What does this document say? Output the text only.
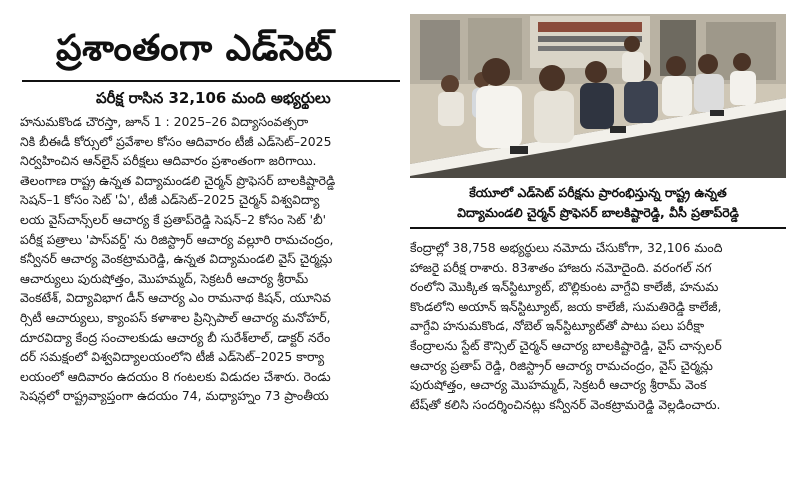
ప్రశాంతంగా ఎడ్‌సెట్
పరీక్ష రాసిన 32,106 మంది అభ్యర్థులు
హనుమకొండ చౌరస్తా, జూన్ 1 : 2025–26 విద్యాసంవత్సరా
నికి బీఈడీ కోర్సులో ప్రవేశాల కోసం ఆదివారం టీజీ ఎడ్‌సెట్–2025
నిర్వహించిన ఆన్‌లైన్ పరీక్షలు ఆదివారం ప్రశాంతంగా జరిగాయి.
తెలంగాణ రాష్ట్ర ఉన్నత విద్యామండలి చైర్మన్ ప్రొఫెసర్ బాలకిష్టారెడ్డి
సెషన్–1 కోసం సెట్ 'ఏ', టీజీ ఎడ్‌సెట్–2025 చైర్మన్ విశ్వవిద్యా
లయ వైస్‌చాన్స్‌లర్ ఆచార్య కే ప్రతాప్‌రెడ్డి సెషన్–2 కోసం సెట్ 'బీ'
పరీక్ష పత్రాలు 'పాస్‌వర్డ్' ను రిజిస్ట్రార్ ఆచార్య వల్లూరి రామచంద్రం,
కన్వీనర్ ఆచార్య వెంకట్రామరెడ్డి, ఉన్నత విద్యామండలి వైస్ చైర్మన్లు
ఆచార్యులు పురుషోత్తం, మొహమ్మద్, సెక్రటరీ ఆచార్య శ్రీరామ్
వెంకటేశ్, విద్యావిభాగ డీన్ ఆచార్య ఎం రామనాథ కిషన్, యూనివ
ర్సిటీ ఆచార్యులు, క్యాంపస్ కళాశాల ప్రిన్సిపాల్ ఆచార్య మనోహర్,
దూరవిద్యా కేంద్ర సంచాలకుడు ఆచార్య బీ సురేశ్‌లాల్, డాక్టర్ నరేం
దర్ సమక్షంలో విశ్వవిద్యాలయంలోని టీజీ ఎడ్‌సెట్–2025 కార్యా
లయంలో ఆదివారం ఉదయం 8 గంటలకు విడుదల చేశారు. రెండు
సెషన్లలో రాష్ట్రవ్యాప్తంగా ఉదయం 74, మధ్యాహ్నం 73 ప్రాంతీయ
కేయూలో ఎడ్‌సెట్ పరీక్షను ప్రారంభిస్తున్న రాష్ట్ర ఉన్నత
విద్యామండలి చైర్మన్ ప్రొఫెసర్ బాలకిష్టారెడ్డి, వీసీ ప్రతాప్‌రెడ్డి
కేంద్రాల్లో 38,758 అభ్యర్థులు నమోదు చేసుకోగా, 32,106 మంది
హాజరై పరీక్ష రాశారు. 83శాతం హాజరు నమోదైంది. వరంగల్ నగ
రంలోని మొక్కిత ఇన్‌స్టిట్యూట్, బొల్లికుంట వాగ్దేవి కాలేజీ, హనుమ
కొండలోని అయాన్ ఇన్‌స్టిట్యూట్, జయ కాలేజీ, సుమతిరెడ్డి కాలేజీ,
వాగ్దేవి హనుమకొండ, నోబెల్ ఇన్‌స్టిట్యూట్‌తో పాటు పలు పరీక్షా
కేంద్రాలను స్టేట్ కౌన్సిల్ చైర్మన్ ఆచార్య బాలకిష్టారెడ్డి, వైస్ చాన్సలర్
ఆచార్య ప్రతాప్ రెడ్డి, రిజిస్ట్రార్ ఆచార్య రామచంద్రం, వైస్ చైర్మన్లు
పురుషోత్తం, ఆచార్య మొహమ్మద్, సెక్రటరీ ఆచార్య శ్రీరామ్ వెంక
టేష్‌తో కలిసి సందర్శించినట్లు కన్వీనర్ వెంకట్రామరెడ్డి వెల్లడించారు.
